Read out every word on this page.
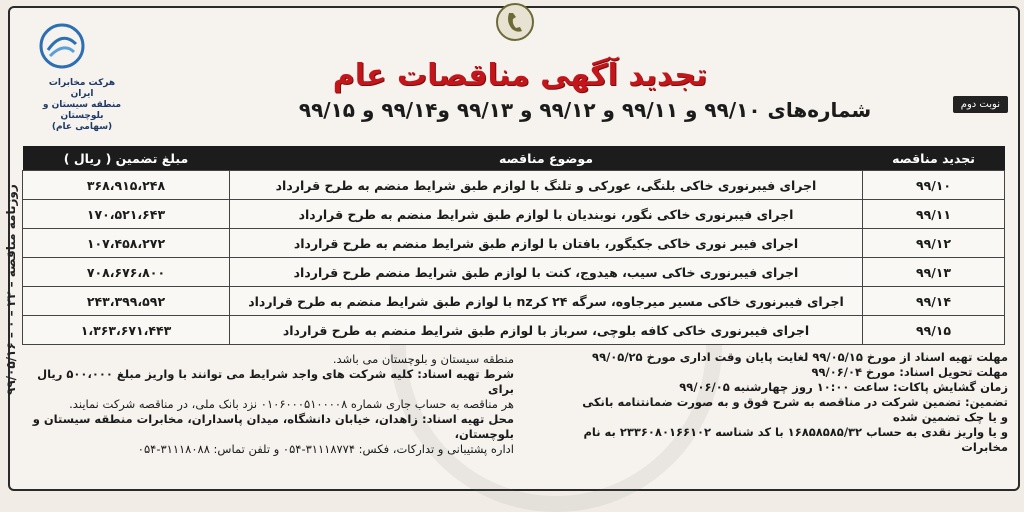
روزنامه مناقصه – ۲۲ – ۰ – ۹۹/۰۵/۱۶
هرکت مخابرات ایران
منطقه سیستان و بلوچستان
(سهامی عام)
تجدید آگهی مناقصات عام
شماره‌های ۹۹/۱۰ و ۹۹/۱۱ و ۹۹/۱۲ و ۹۹/۱۳ و۹۹/۱۴ و ۹۹/۱۵	نوبت دوم
تجدید مناقصه	موضوع مناقصه	مبلغ تضمین ( ریال )
۹۹/۱۰	اجرای فیبرنوری خاکی بلنگی، عورکی و تلنگ با لوازم طبق شرایط منضم به طرح قرارداد	۳۶۸،۹۱۵،۲۴۸
۹۹/۱۱	اجرای فیبرنوری خاکی نگور، نوبندیان با لوازم طبق شرایط منضم به طرح قرارداد	۱۷۰،۵۲۱،۶۴۳
۹۹/۱۲	اجرای فیبر نوری خاکی جکیگور، بافتان با لوازم طبق شرایط منضم به طرح قرارداد	۱۰۷،۴۵۸،۲۷۲
۹۹/۱۳	اجرای فیبرنوری خاکی سیب، هیدوج، کنت با لوازم طبق شرایط منضم طرح قرارداد	۷۰۸،۶۷۶،۸۰۰
۹۹/۱۴	اجرای فیبرنوری خاکی مسیر میرجاوه، سرگه ۲۴ کرnz با لوازم طبق شرایط منضم به طرح قرارداد	۲۴۳،۳۹۹،۵۹۲
۹۹/۱۵	اجرای فیبرنوری خاکی کافه بلوچی، سرباز با لوازم طبق شرایط منضم به طرح قرارداد	۱،۳۶۳،۶۷۱،۴۴۳
مهلت تهیه اسناد از مورخ ۹۹/۰۵/۱۵ لغایت پایان وقت اداری مورخ ۹۹/۰۵/۲۵
مهلت تحویل اسناد: مورخ ۹۹/۰۶/۰۴
زمان گشایش پاکات: ساعت ۱۰:۰۰ روز چهارشنبه ۹۹/۰۶/۰۵
تضمین: تضمین شرکت در مناقصه به شرح فوق و به صورت ضمانتنامه بانکی و یا چک تضمین شده
و یا واریز نقدی به حساب ۱۶۸۵۸۵۸۵/۳۲ با کد شناسه ۲۳۳۶۰۸۰۱۶۶۱۰۲ به نام مخابرات
منطقه سیستان و بلوچستان می باشد.
شرط تهیه اسناد: کلیه شرکت های واجد شرایط می توانند با واریز مبلغ ۵۰۰،۰۰۰ ریال برای
هر مناقصه به حساب جاری شماره ۰۱۰۶۰۰۰۵۱۰۰۰۰۸ نزد بانک ملی، در مناقصه شرکت نمایند.
محل تهیه اسناد: زاهدان، خیابان دانشگاه، میدان پاسداران، مخابرات منطقه سیستان و بلوچستان،
اداره پشتیبانی و تدارکات، فکس: ۳۱۱۱۸۷۷۴-۰۵۴ و تلفن تماس: ۳۱۱۱۸۰۸۸-۰۵۴
